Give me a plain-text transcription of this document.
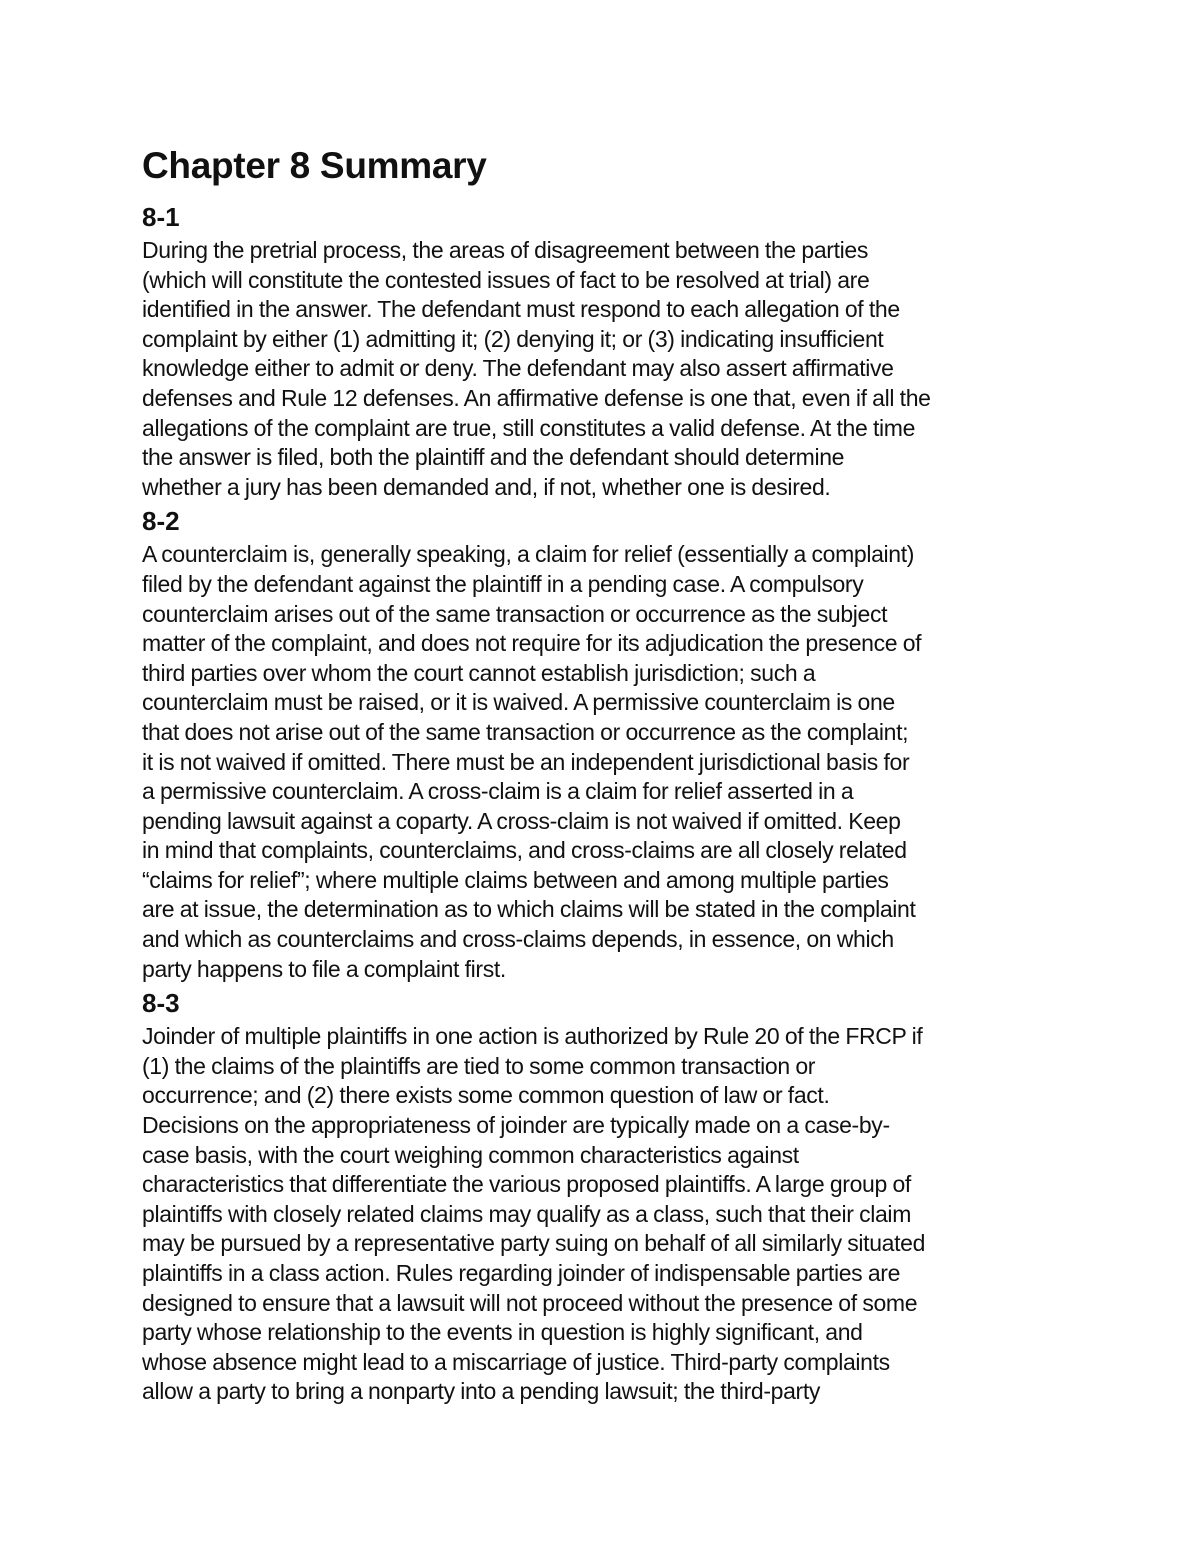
Chapter 8 Summary
8-1

During the pretrial process, the areas of disagreement between the parties
(which will constitute the contested issues of fact to be resolved at trial) are
identified in the answer. The defendant must respond to each allegation of the
complaint by either (1) admitting it; (2) denying it; or (3) indicating insufficient
knowledge either to admit or deny. The defendant may also assert affirmative
defenses and Rule 12 defenses. An affirmative defense is one that, even if all the
allegations of the complaint are true, still constitutes a valid defense. At the time
the answer is filed, both the plaintiff and the defendant should determine
whether a jury has been demanded and, if not, whether one is desired.

8-2

A counterclaim is, generally speaking, a claim for relief (essentially a complaint)
filed by the defendant against the plaintiff in a pending case. A compulsory
counterclaim arises out of the same transaction or occurrence as the subject
matter of the complaint, and does not require for its adjudication the presence of
third parties over whom the court cannot establish jurisdiction; such a
counterclaim must be raised, or it is waived. A permissive counterclaim is one
that does not arise out of the same transaction or occurrence as the complaint;
it is not waived if omitted. There must be an independent jurisdictional basis for
a permissive counterclaim. A cross-claim is a claim for relief asserted in a
pending lawsuit against a coparty. A cross-claim is not waived if omitted. Keep
in mind that complaints, counterclaims, and cross-claims are all closely related
“claims for relief”; where multiple claims between and among multiple parties
are at issue, the determination as to which claims will be stated in the complaint
and which as counterclaims and cross-claims depends, in essence, on which
party happens to file a complaint first.

8-3

Joinder of multiple plaintiffs in one action is authorized by Rule 20 of the FRCP if
(1) the claims of the plaintiffs are tied to some common transaction or
occurrence; and (2) there exists some common question of law or fact.
Decisions on the appropriateness of joinder are typically made on a case-by-
case basis, with the court weighing common characteristics against
characteristics that differentiate the various proposed plaintiffs. A large group of
plaintiffs with closely related claims may qualify as a class, such that their claim
may be pursued by a representative party suing on behalf of all similarly situated
plaintiffs in a class action. Rules regarding joinder of indispensable parties are
designed to ensure that a lawsuit will not proceed without the presence of some
party whose relationship to the events in question is highly significant, and
whose absence might lead to a miscarriage of justice. Third-party complaints
allow a party to bring a nonparty into a pending lawsuit; the third-party
